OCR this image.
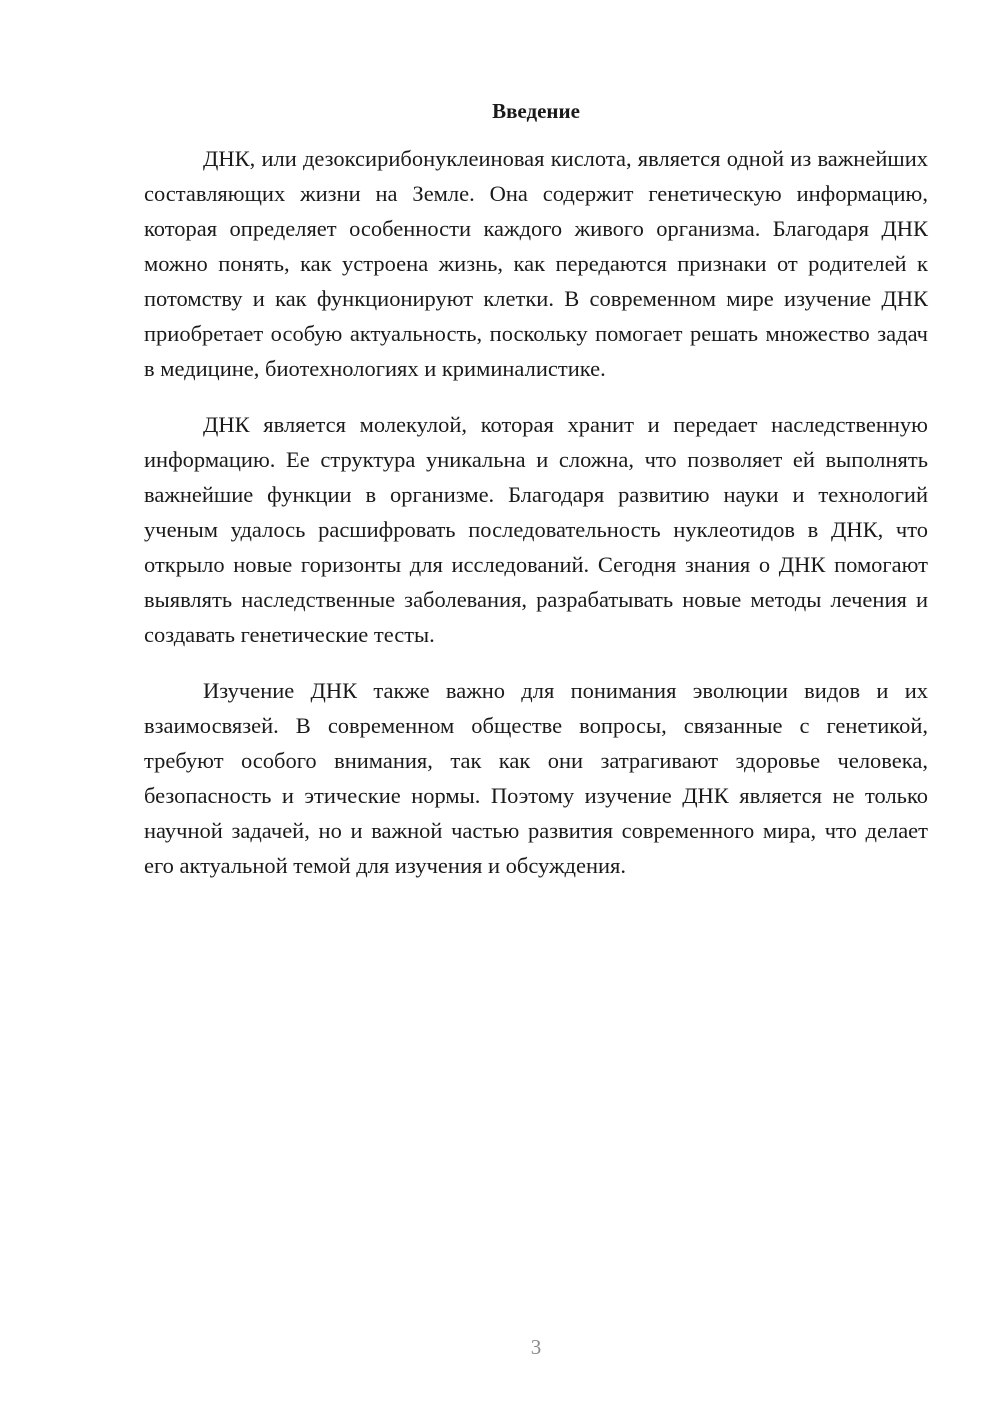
Введение

ДНК, или дезоксирибонуклеиновая кислота, является одной из важнейших составляющих жизни на Земле. Она содержит генетическую информацию, которая определяет особенности каждого живого организма. Благодаря ДНК можно понять, как устроена жизнь, как передаются признаки от родителей к потомству и как функционируют клетки. В современном мире изучение ДНК приобретает особую актуальность, поскольку помогает решать множество задач в медицине, биотехнологиях и криминалистике.

ДНК является молекулой, которая хранит и передает наследственную информацию. Ее структура уникальна и сложна, что позволяет ей выполнять важнейшие функции в организме. Благодаря развитию науки и технологий ученым удалось расшифровать последовательность нуклеотидов в ДНК, что открыло новые горизонты для исследований. Сегодня знания о ДНК помогают выявлять наследственные заболевания, разрабатывать новые методы лечения и создавать генетические тесты.

Изучение ДНК также важно для понимания эволюции видов и их взаимосвязей. В современном обществе вопросы, связанные с генетикой, требуют особого внимания, так как они затрагивают здоровье человека, безопасность и этические нормы. Поэтому изучение ДНК является не только научной задачей, но и важной частью развития современного мира, что делает его актуальной темой для изучения и обсуждения.

3
